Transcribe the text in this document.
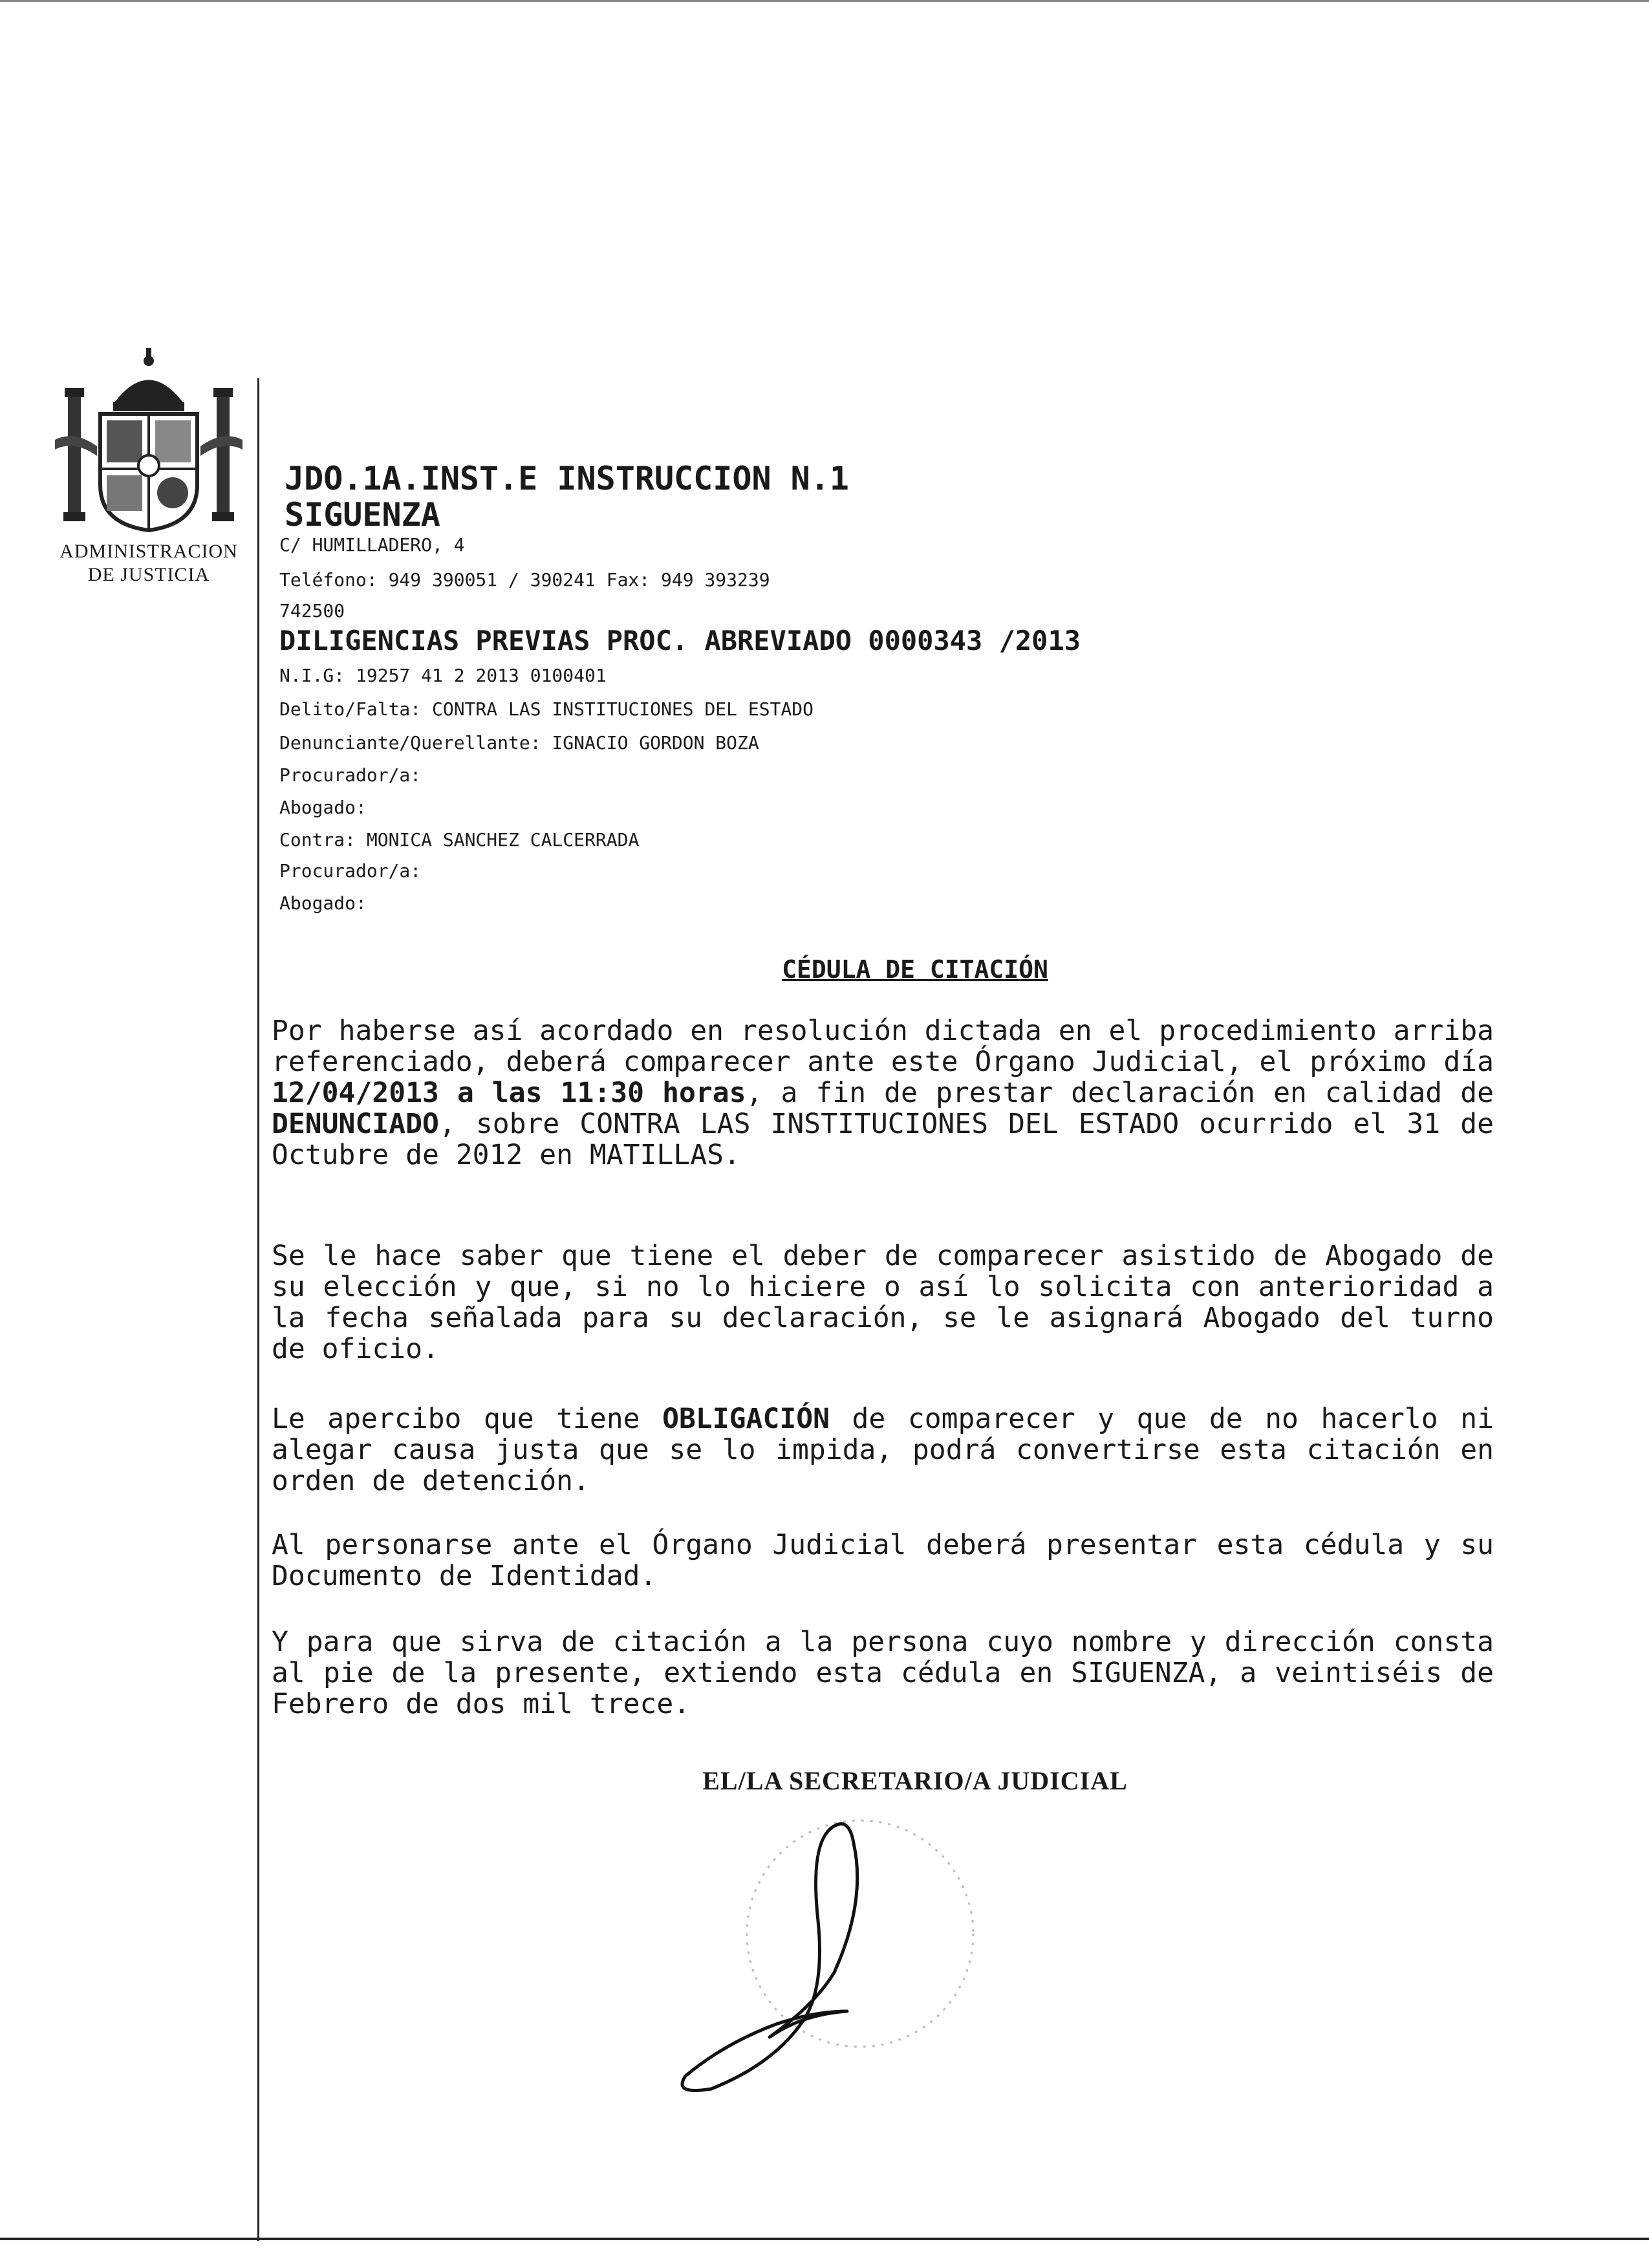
ADMINISTRACION
DE JUSTICIA
JDO.1A.INST.E INSTRUCCION N.1
SIGUENZA
C/ HUMILLADERO, 4
Teléfono: 949 390051 / 390241 Fax: 949 393239
742500
DILIGENCIAS PREVIAS PROC. ABREVIADO 0000343 /2013
N.I.G: 19257 41 2 2013 0100401
Delito/Falta: CONTRA LAS INSTITUCIONES DEL ESTADO
Denunciante/Querellante: IGNACIO GORDON BOZA
Procurador/a:
Abogado:
Contra: MONICA SANCHEZ CALCERRADA
Procurador/a:
Abogado:
CÉDULA DE CITACIÓN
Por haberse así acordado en resolución dictada en el procedimiento arriba referenciado, deberá comparecer ante este Órgano Judicial, el próximo día 12/04/2013 a las 11:30 horas, a fin de prestar declaración en calidad de DENUNCIADO, sobre CONTRA LAS INSTITUCIONES DEL ESTADO ocurrido el 31 de Octubre de 2012 en MATILLAS.
Se le hace saber que tiene el deber de comparecer asistido de Abogado de su elección y que, si no lo hiciere o así lo solicita con anterioridad a la fecha señalada para su declaración, se le asignará Abogado del turno de oficio.
Le apercibo que tiene OBLIGACIÓN de comparecer y que de no hacerlo ni alegar causa justa que se lo impida, podrá convertirse esta citación en orden de detención.
Al personarse ante el Órgano Judicial deberá presentar esta cédula y su Documento de Identidad.
Y para que sirva de citación a la persona cuyo nombre y dirección consta al pie de la presente, extiendo esta cédula en SIGUENZA, a veintiséis de Febrero de dos mil trece.
EL/LA SECRETARIO/A JUDICIAL
